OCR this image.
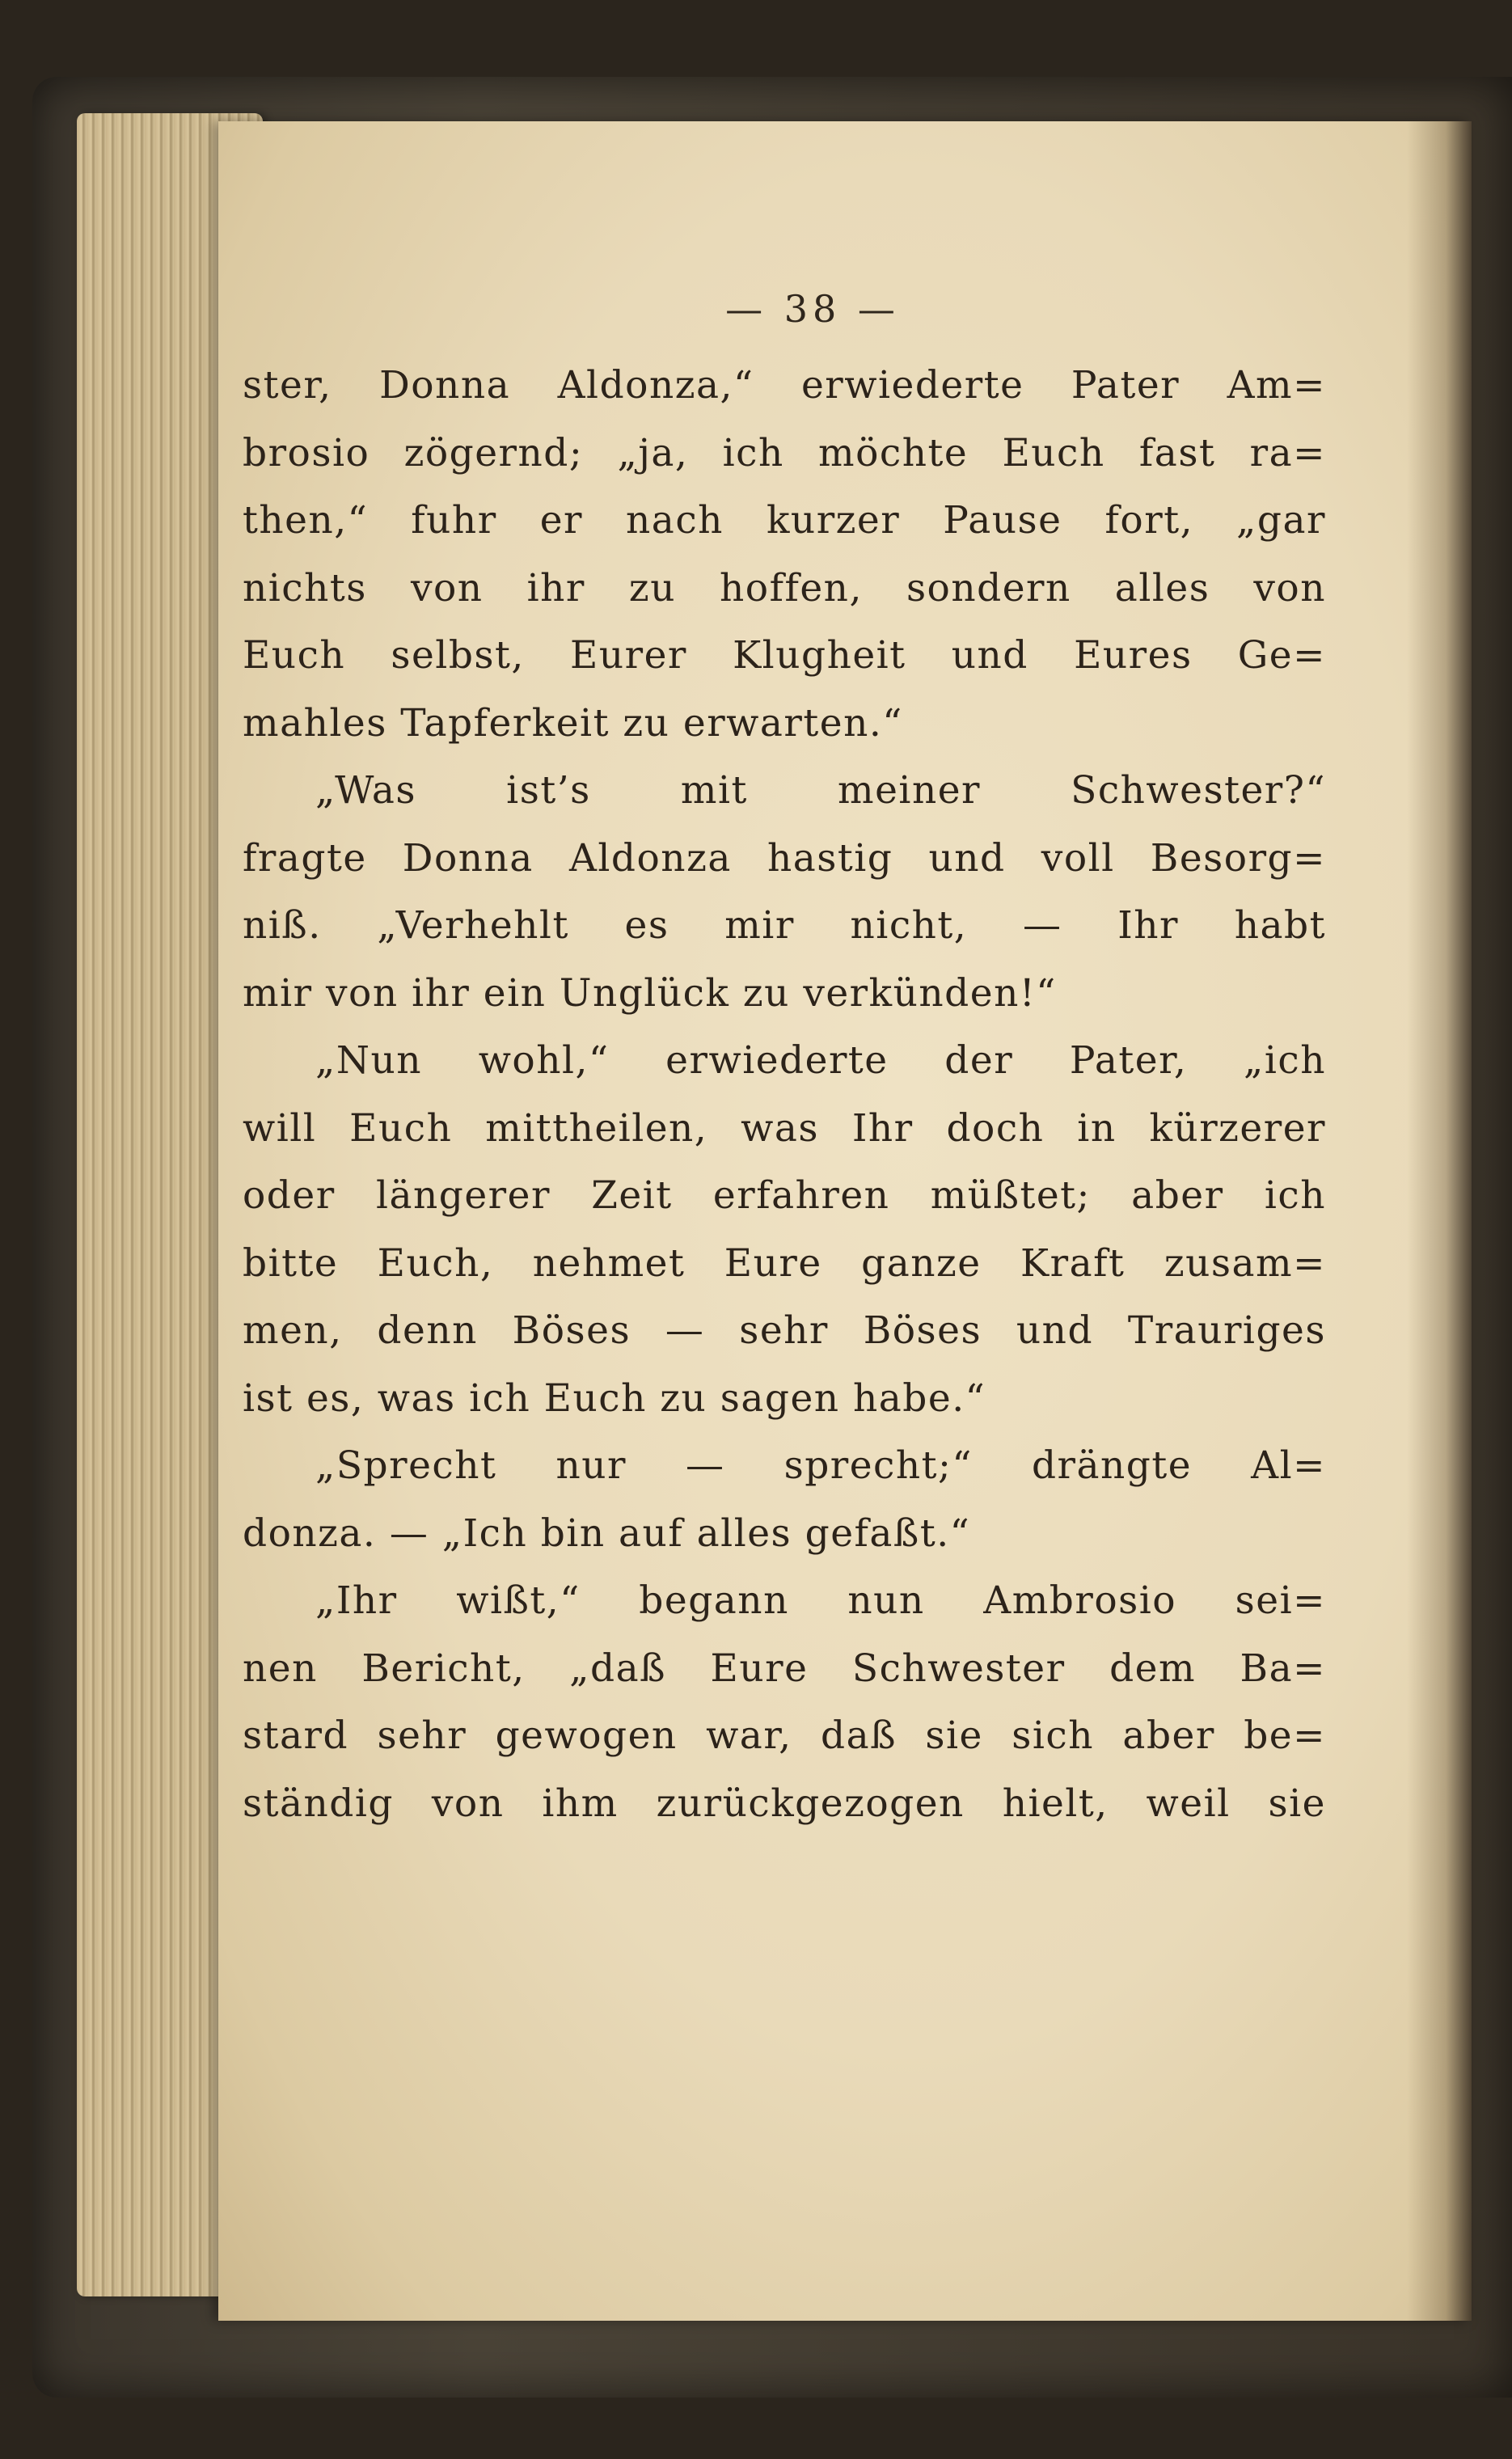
— 38 —
ster, Donna Aldonza,“ erwiederte Pater Am=
brosio zögernd; „ja, ich möchte Euch fast ra=
then,“ fuhr er nach kurzer Pause fort, „gar
nichts von ihr zu hoffen, sondern alles von
Euch selbst, Eurer Klugheit und Eures Ge=
mahles Tapferkeit zu erwarten.“
„Was ist’s mit meiner Schwester?“
fragte Donna Aldonza hastig und voll Besorg=
niß. „Verhehlt es mir nicht, — Ihr habt
mir von ihr ein Unglück zu verkünden!“
„Nun wohl,“ erwiederte der Pater, „ich
will Euch mittheilen, was Ihr doch in kürzerer
oder längerer Zeit erfahren müßtet; aber ich
bitte Euch, nehmet Eure ganze Kraft zusam=
men, denn Böses — sehr Böses und Trauriges
ist es, was ich Euch zu sagen habe.“
„Sprecht nur — sprecht;“ drängte Al=
donza. — „Ich bin auf alles gefaßt.“
„Ihr wißt,“ begann nun Ambrosio sei=
nen Bericht, „daß Eure Schwester dem Ba=
stard sehr gewogen war, daß sie sich aber be=
ständig von ihm zurückgezogen hielt, weil sie
